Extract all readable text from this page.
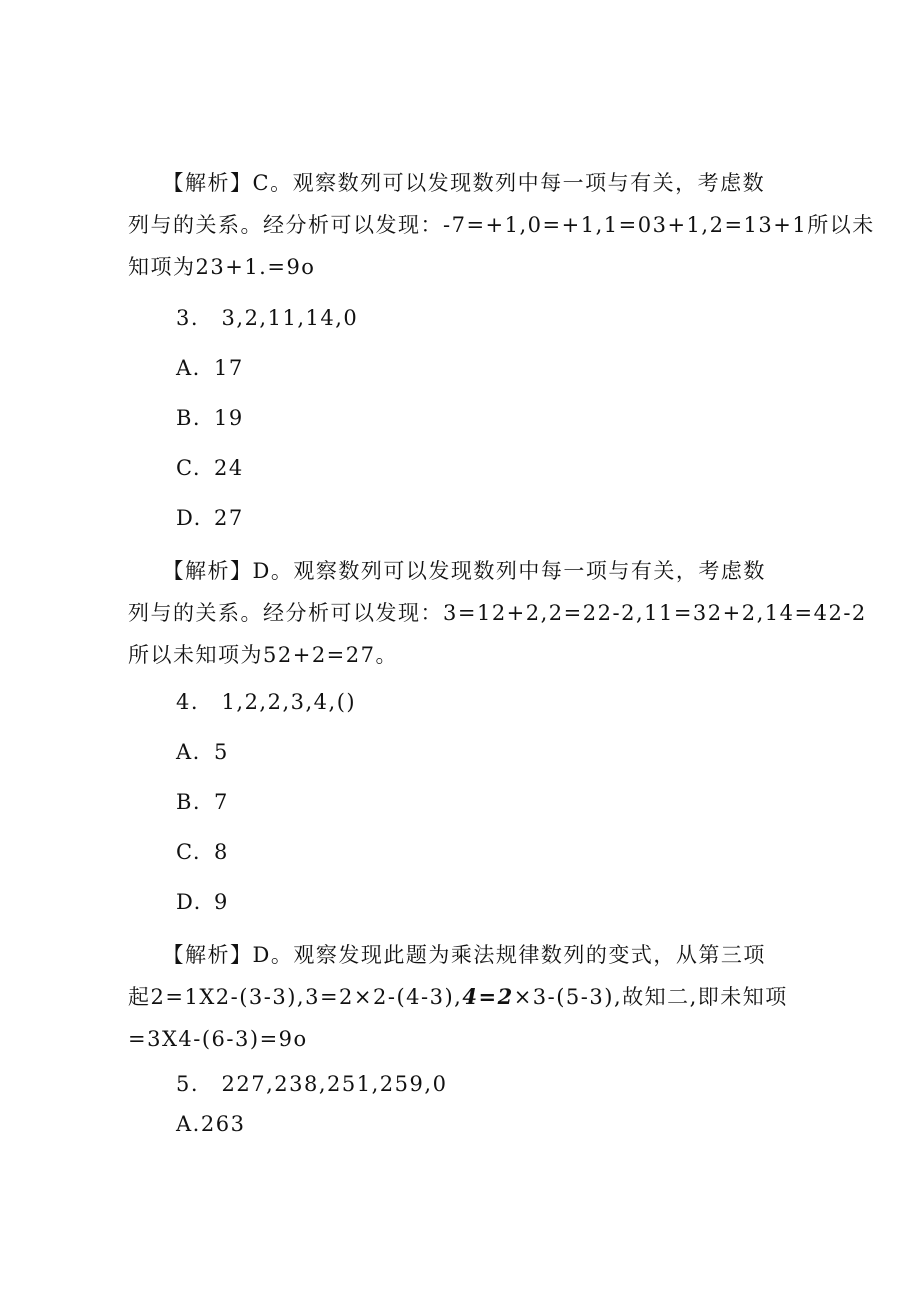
　　【解析】C。观察数列可以发现数列中每一项与有关，考虑数
列与的关系。经分析可以发现：-7=+1,0=+1,1=03+1,2=13+1所以未
知项为23+1.=9o
3.　3,2,11,14,0
A. 17
B. 19
C. 24
D. 27
　　【解析】D。观察数列可以发现数列中每一项与有关，考虑数
列与的关系。经分析可以发现：3=12+2,2=22-2,11=32+2,14=42-2
所以未知项为52+2=27。
4.　1,2,2,3,4,()
A. 5
B. 7
C. 8
D. 9
　　【解析】D。观察发现此题为乘法规律数列的变式，从第三项
起2=1X2-(3-3),3=2×2-(4-3),4=2×3-(5-3),故知二,即未知项
=3X4-(6-3)=9o
5.　227,238,251,259,0
A.263
